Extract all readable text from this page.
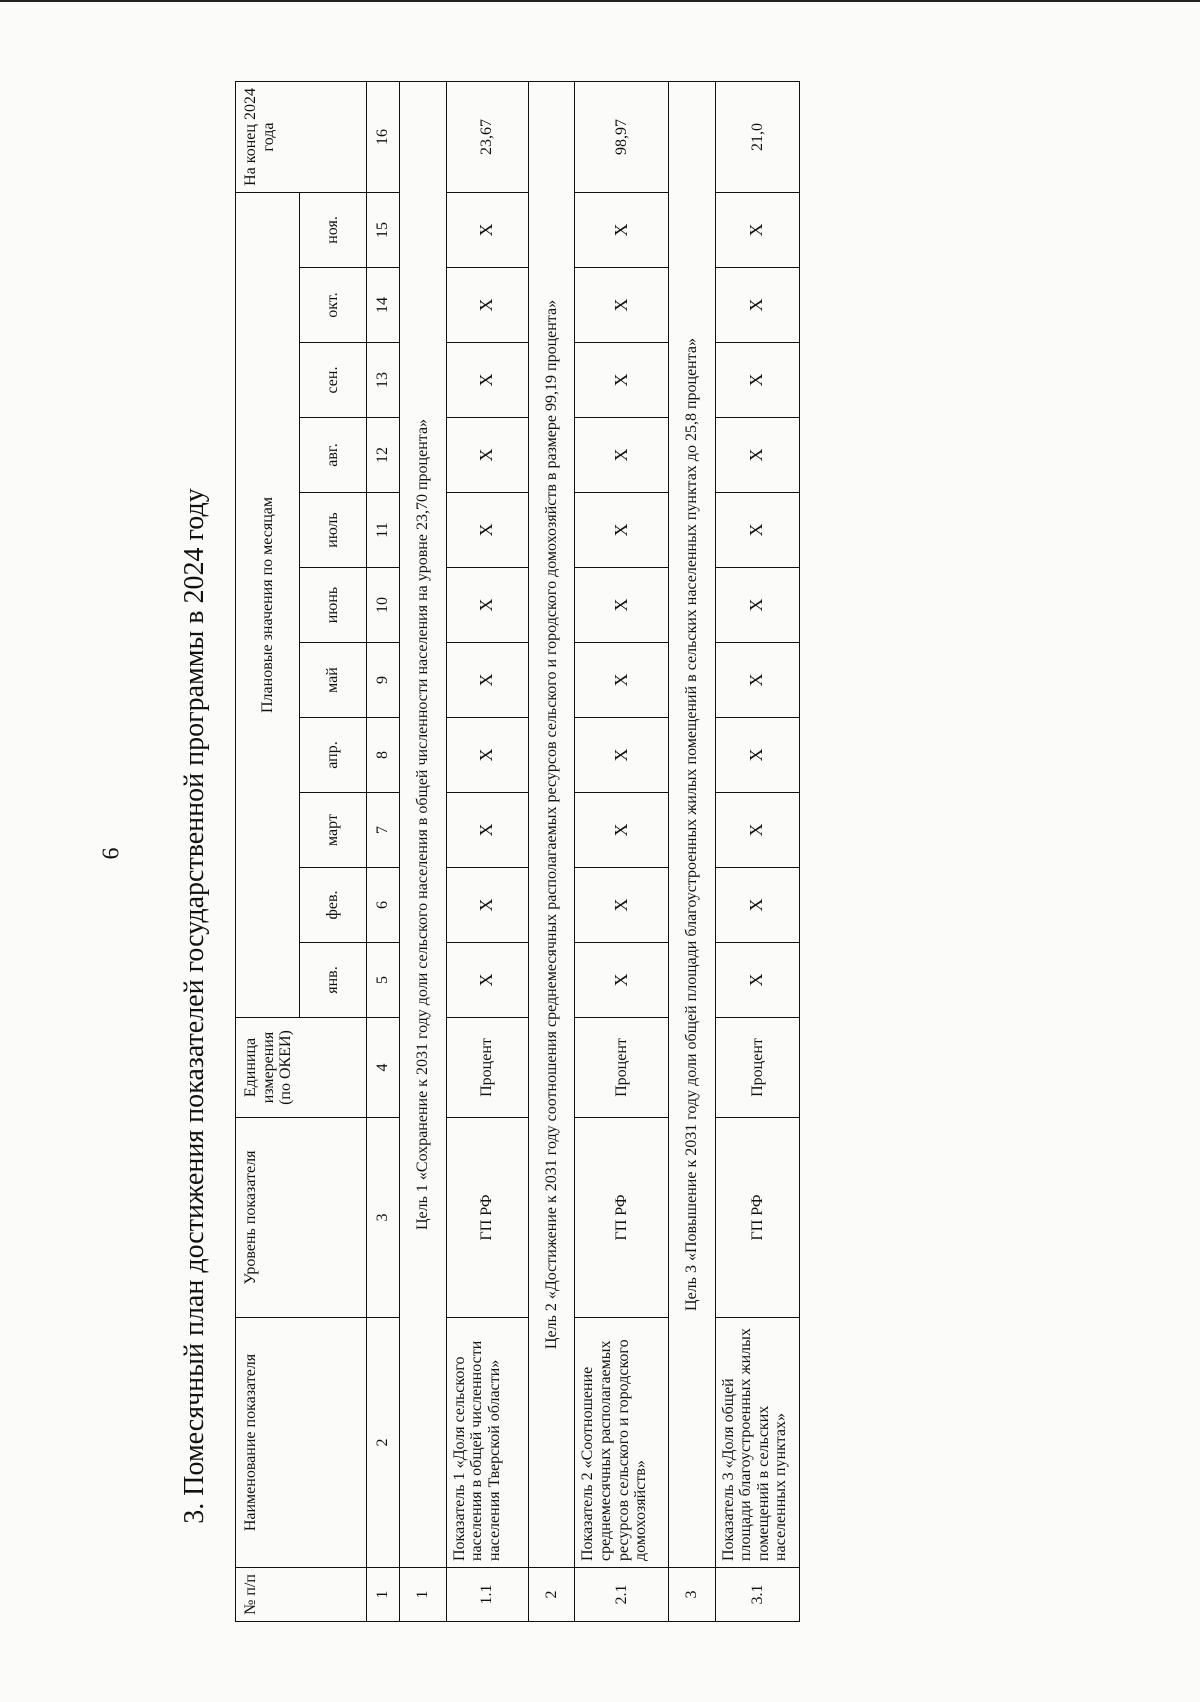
6 3. Помесячный план достижения показателей государственной программы в 2024 году
№ п/п	Наименование показателя	Уровень показателя	Единица измерения (по ОКЕИ)	Плановые значения по месяцам											На конец 2024 года
				янв.	фев.	март	апр.	май	июнь	июль	авг.	сен.	окт.	ноя.	
1	2	3	4	5	6	7	8	9	10	11	12	13	14	15	16
1	Цель 1 «Сохранение к 2031 году доли сельского населения в общей численности населения на уровне 23,70 процента»														
1.1	Показатель 1 «Доля сельского населения в общей численности населения Тверской области»	ГП РФ	Процент	X	X	X	X	X	X	X	X	X	X	X	23,67
2	Цель 2 «Достижение к 2031 году соотношения среднемесячных располагаемых ресурсов сельского и городского домохозяйств в размере 99,19 процента»														
2.1	Показатель 2 «Соотношение среднемесячных располагаемых ресурсов сельского и городского домохозяйств»	ГП РФ	Процент	X	X	X	X	X	X	X	X	X	X	X	98,97
3	Цель 3 «Повышение к 2031 году доли общей площади благоустроенных жилых помещений в сельских населенных пунктах до 25,8 процента»														
3.1	Показатель 3 «Доля общей площади благоустроенных жилых помещений в сельских населенных пунктах»	ГП РФ	Процент	X	X	X	X	X	X	X	X	X	X	X	21,0
